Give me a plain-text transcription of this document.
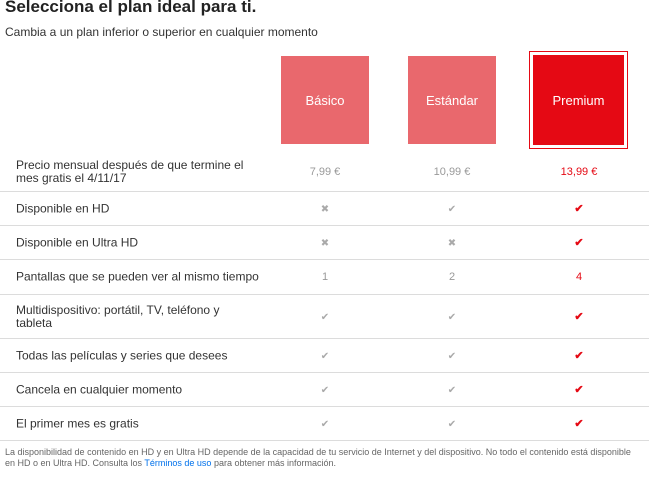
Selecciona el plan ideal para ti.
Cambia a un plan inferior o superior en cualquier momento
Básico	Estándar	Premium
Precio mensual después de que termine el mes gratis el 4/11/17	7,99 €	10,99 €	13,99 €
Disponible en HD	✖	✔	✔
Disponible en Ultra HD	✖	✖	✔
Pantallas que se pueden ver al mismo tiempo	1	2	4
Multidispositivo: portátil, TV, teléfono y tableta	✔	✔	✔
Todas las películas y series que desees	✔	✔	✔
Cancela en cualquier momento	✔	✔	✔
El primer mes es gratis	✔	✔	✔
La disponibilidad de contenido en HD y en Ultra HD depende de la capacidad de tu servicio de Internet y del dispositivo. No todo el contenido está disponible en HD o en Ultra HD. Consulta los Términos de uso para obtener más información.
